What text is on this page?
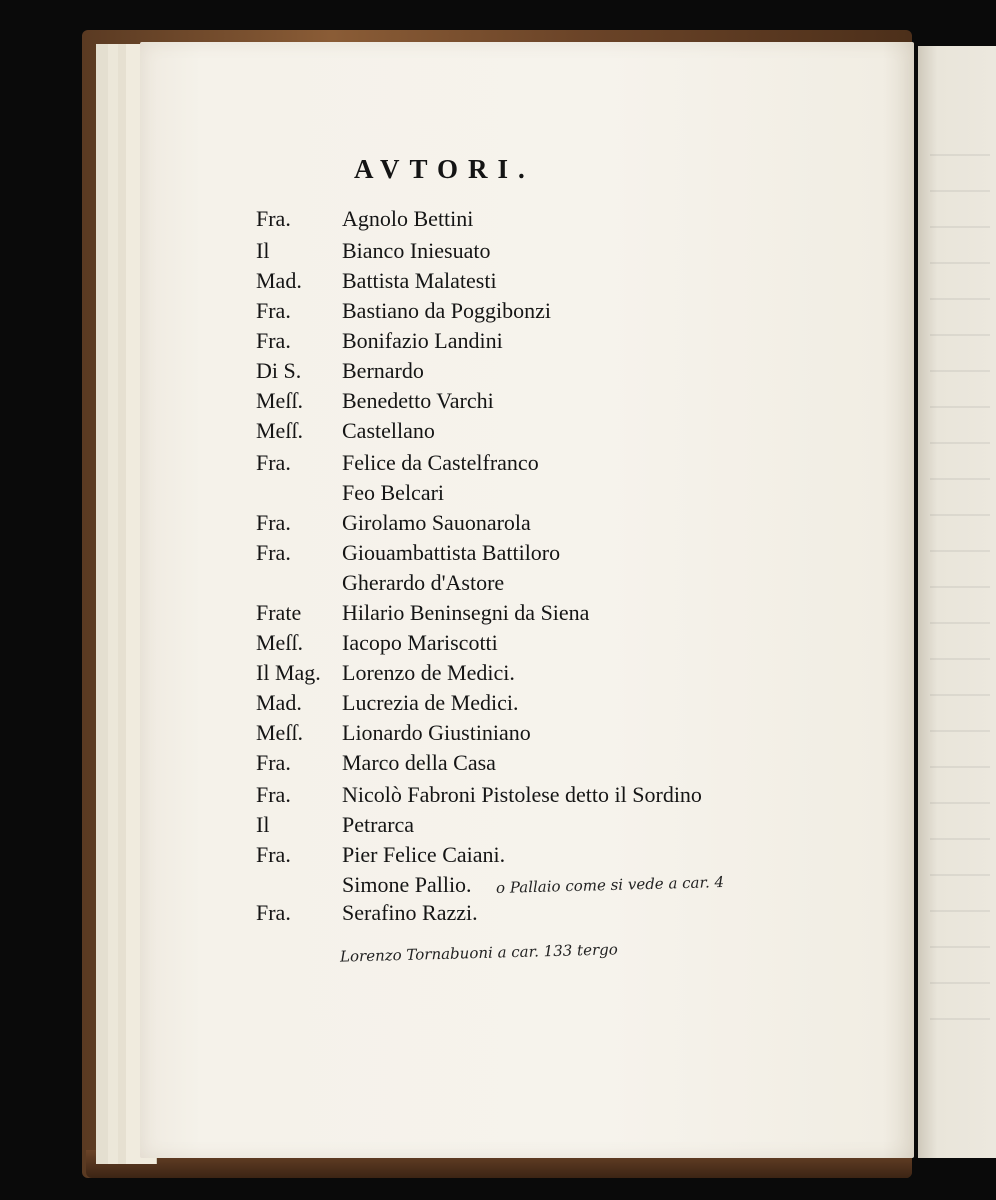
AVTORI.
Fra. Agnolo Bettini
Il	Bianco Iniesuato
Mad. Battista Malatesti
Fra. Bastiano da Poggibonzi
Fra. Bonifazio Landini
Di S. Bernardo
Meſſ. Benedetto Varchi
Meſſ. Castellano
Fra. Felice da Castelfranco
Feo Belcari
Fra. Girolamo Sauonarola
Fra. Giouambattista Battiloro
Gherardo d'Astore
Frate Hilario Beninsegni da Siena
Meſſ. Iacopo Mariscotti
Il Mag. Lorenzo de Medici.
Mad. Lucrezia de Medici.
Meſſ. Lionardo Giustiniano
Fra. Marco della Casa
Fra. Nicolò Fabroni Pistolese detto il Sordino
Il	Petrarca
Fra. Pier Felice Caiani.
Simone Pallio.
Fra. Serafino Razzi.
o Pallaio come si vede a car. 4
Lorenzo Tornabuoni a car. 133 tergo
